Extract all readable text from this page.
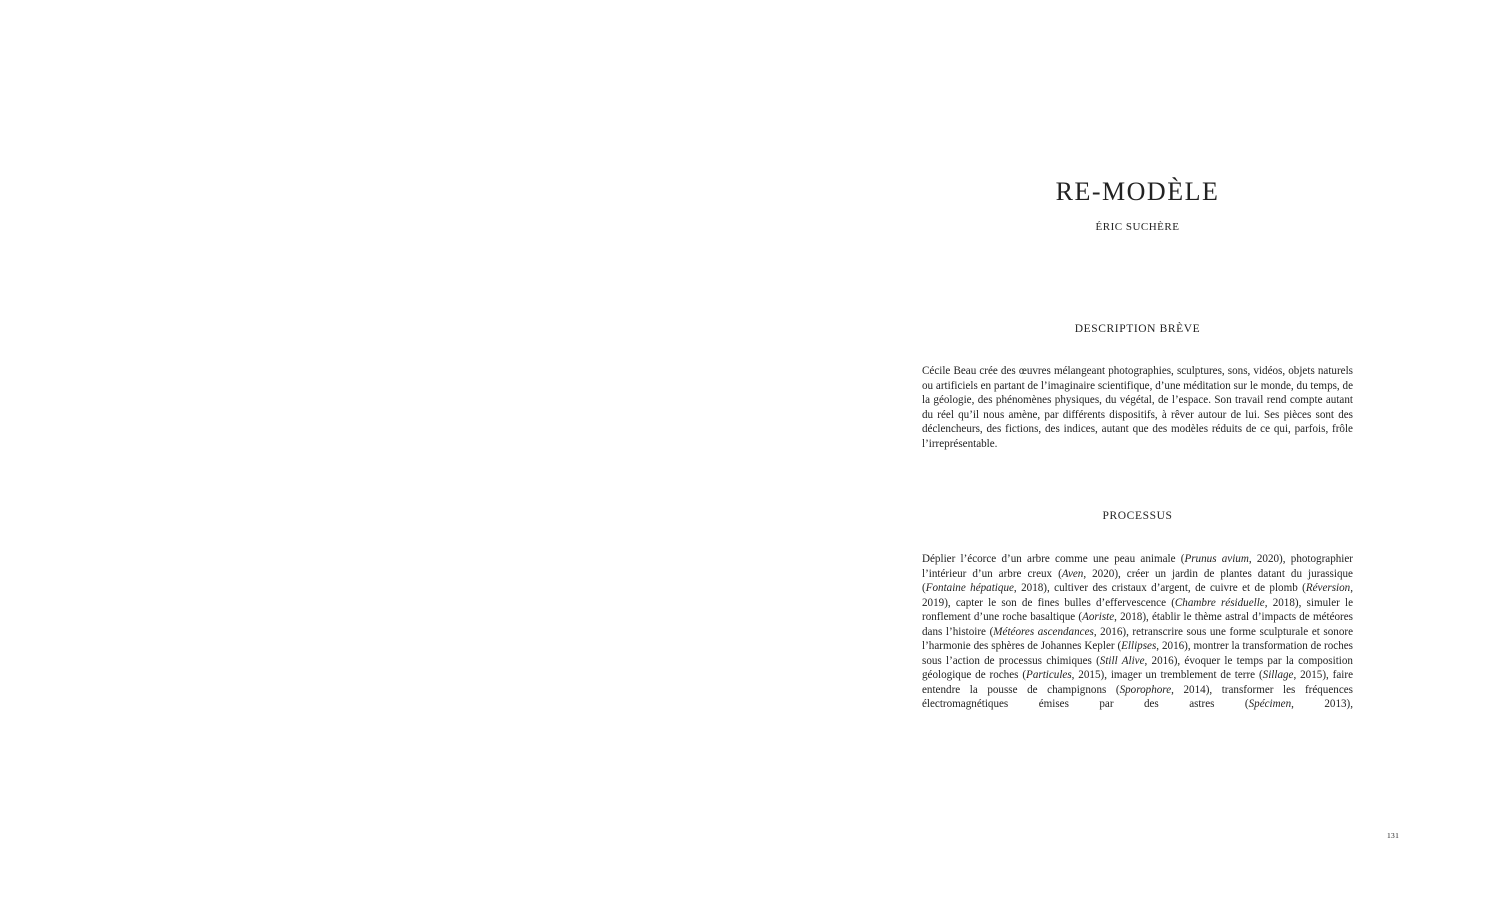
RE-MODÈLE
ÉRIC SUCHÈRE
DESCRIPTION BRÈVE

Cécile Beau crée des œuvres mélangeant photographies, sculptures, sons, vidéos, objets naturels ou artificiels en partant de l’imaginaire scientifique, d’une méditation sur le monde, du temps, de la géologie, des phénomènes physiques, du végétal, de l’espace. Son travail rend compte autant du réel qu’il nous amène, par différents dispositifs, à rêver autour de lui. Ses pièces sont des déclencheurs, des fictions, des indices, autant que des modèles réduits de ce qui, parfois, frôle l’irreprésentable.

PROCESSUS

Déplier l’écorce d’un arbre comme une peau animale (Prunus avium, 2020), photographier l’intérieur d’un arbre creux (Aven, 2020), créer un jardin de plantes datant du jurassique (Fontaine hépatique, 2018), cultiver des cristaux d’argent, de cuivre et de plomb (Réversion, 2019), capter le son de fines bulles d’effervescence (Chambre résiduelle, 2018), simuler le ronflement d’une roche basaltique (Aoriste, 2018), établir le thème astral d’impacts de météores dans l’histoire (Météores ascendances, 2016), retranscrire sous une forme sculpturale et sonore l’harmonie des sphères de Johannes Kepler (Ellipses, 2016), montrer la transformation de roches sous l’action de processus chimiques (Still Alive, 2016), évoquer le temps par la composition géologique de roches (Particules, 2015), imager un tremblement de terre (Sillage, 2015), faire entendre la pousse de champignons (Sporophore, 2014), transformer les fréquences électromagnétiques émises par des astres (Spécimen, 2013),

131
